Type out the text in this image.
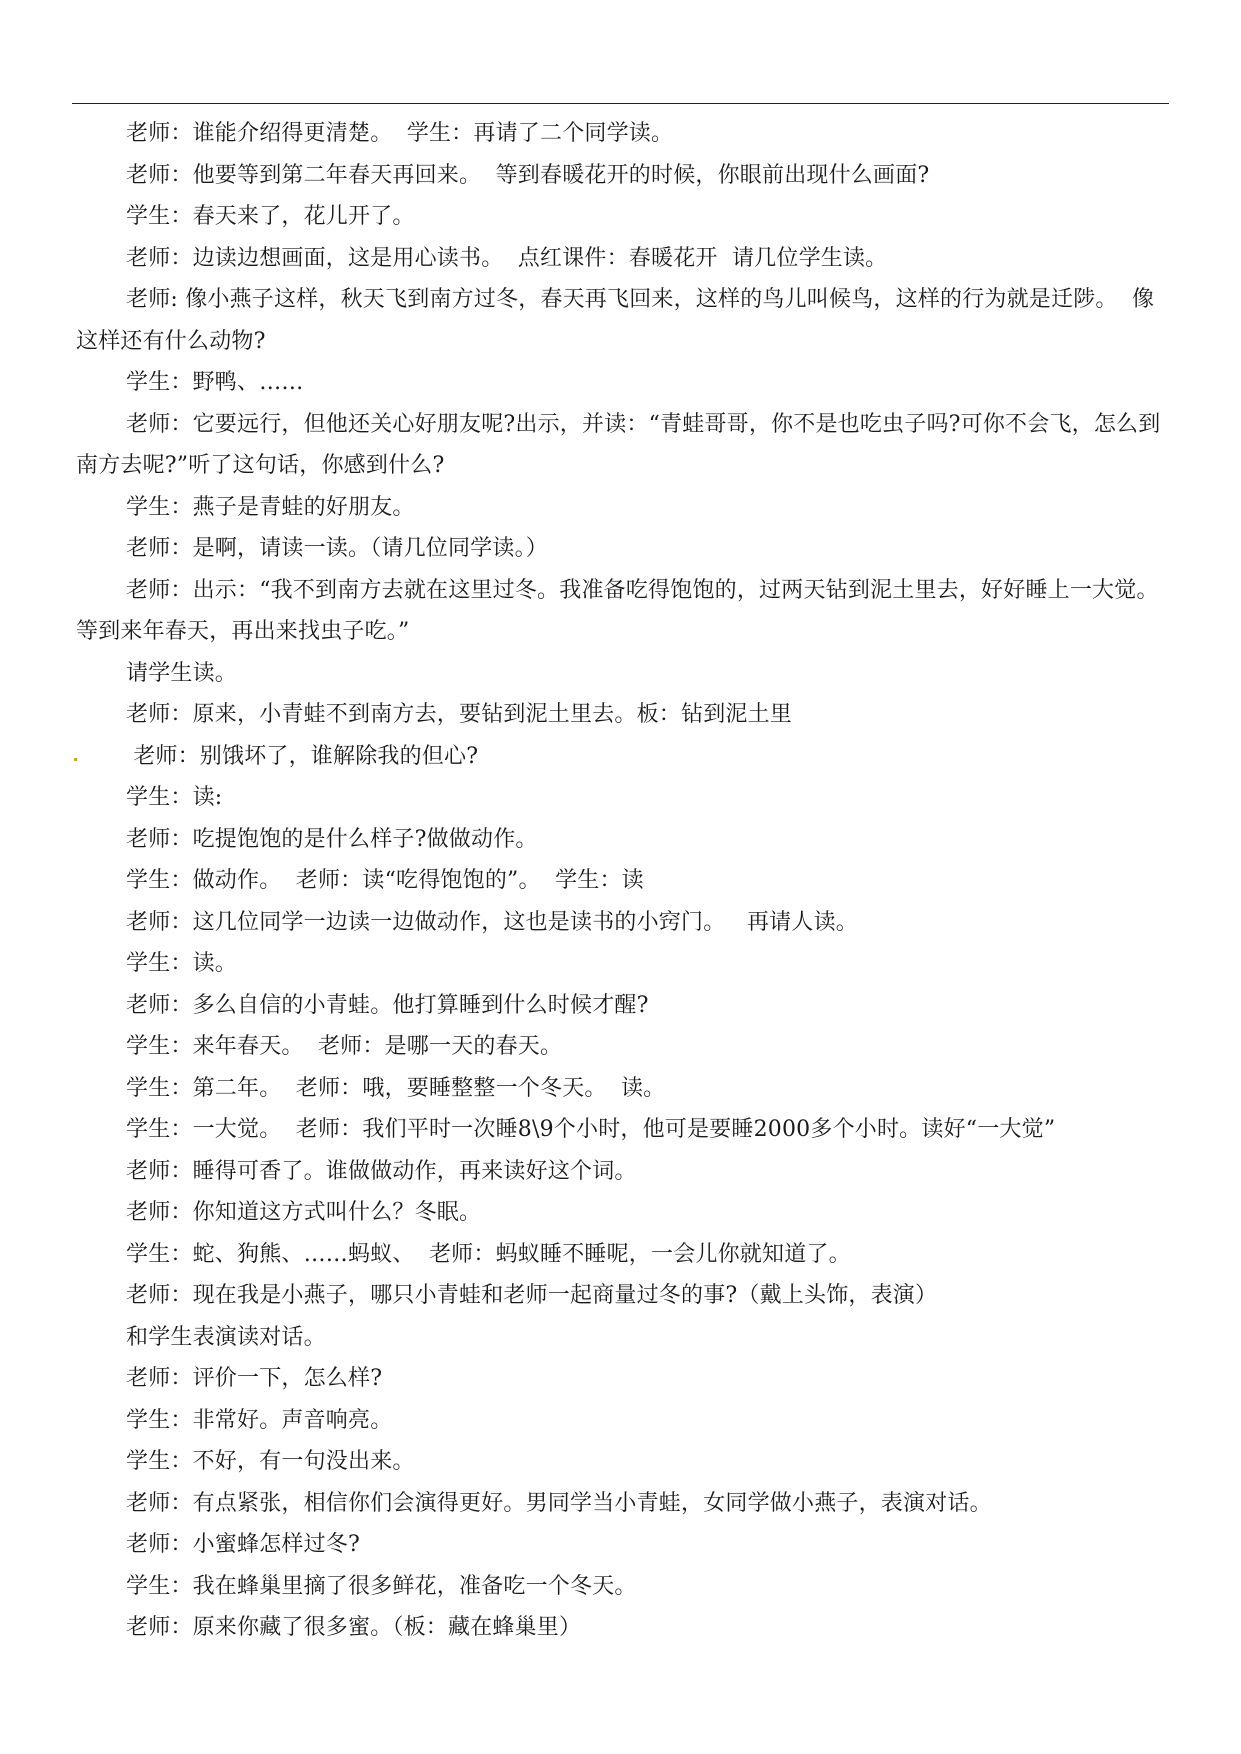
老师：谁能介绍得更清楚。  学生：再请了二个同学读。

老师：他要等到第二年春天再回来。  等到春暖花开的时候，你眼前出现什么画面?

学生：春天来了，花儿开了。

老师：边读边想画面，这是用心读书。  点红课件：春暖花开  请几位学生读。

老师: 像小燕子这样，秋天飞到南方过冬，春天再飞回来，这样的鸟儿叫候鸟，这样的行为就是迁陟。  像这样还有什么动物?

学生：野鸭、……

老师：它要远行，但他还关心好朋友呢?出示，并读：“青蛙哥哥，你不是也吃虫子吗?可你不会飞，怎么到南方去呢?”听了这句话，你感到什么?

学生：燕子是青蛙的好朋友。

老师：是啊，请读一读。（请几位同学读。）

老师：出示：“我不到南方去就在这里过冬。我准备吃得饱饱的，过两天钻到泥土里去，好好睡上一大觉。等到来年春天，再出来找虫子吃。”

请学生读。

老师：原来，小青蛙不到南方去，要钻到泥土里去。板：钻到泥土里

老师：别饿坏了，谁解除我的但心?

学生：读:

老师：吃提饱饱的是什么样子?做做动作。

学生：做动作。  老师：读“吃得饱饱的”。  学生：读

老师：这几位同学一边读一边做动作，这也是读书的小窍门。   再请人读。

学生：读。

老师：多么自信的小青蛙。他打算睡到什么时候才醒?

学生：来年春天。  老师：是哪一天的春天。

学生：第二年。  老师：哦，要睡整整一个冬天。  读。

学生：一大觉。  老师：我们平时一次睡8\9个小时，他可是要睡2000多个小时。读好“一大觉”

老师：睡得可香了。谁做做动作，再来读好这个词。

老师：你知道这方式叫什么？冬眠。

学生：蛇、狗熊、……蚂蚁、  老师：蚂蚁睡不睡呢，一会儿你就知道了。

老师：现在我是小燕子，哪只小青蛙和老师一起商量过冬的事?（戴上头饰，表演）

和学生表演读对话。

老师：评价一下，怎么样?

学生：非常好。声音响亮。

学生：不好，有一句没出来。

老师：有点紧张，相信你们会演得更好。男同学当小青蛙，女同学做小燕子，表演对话。

老师：小蜜蜂怎样过冬?

学生：我在蜂巢里摘了很多鲜花，准备吃一个冬天。

老师：原来你藏了很多蜜。（板：藏在蜂巢里）
